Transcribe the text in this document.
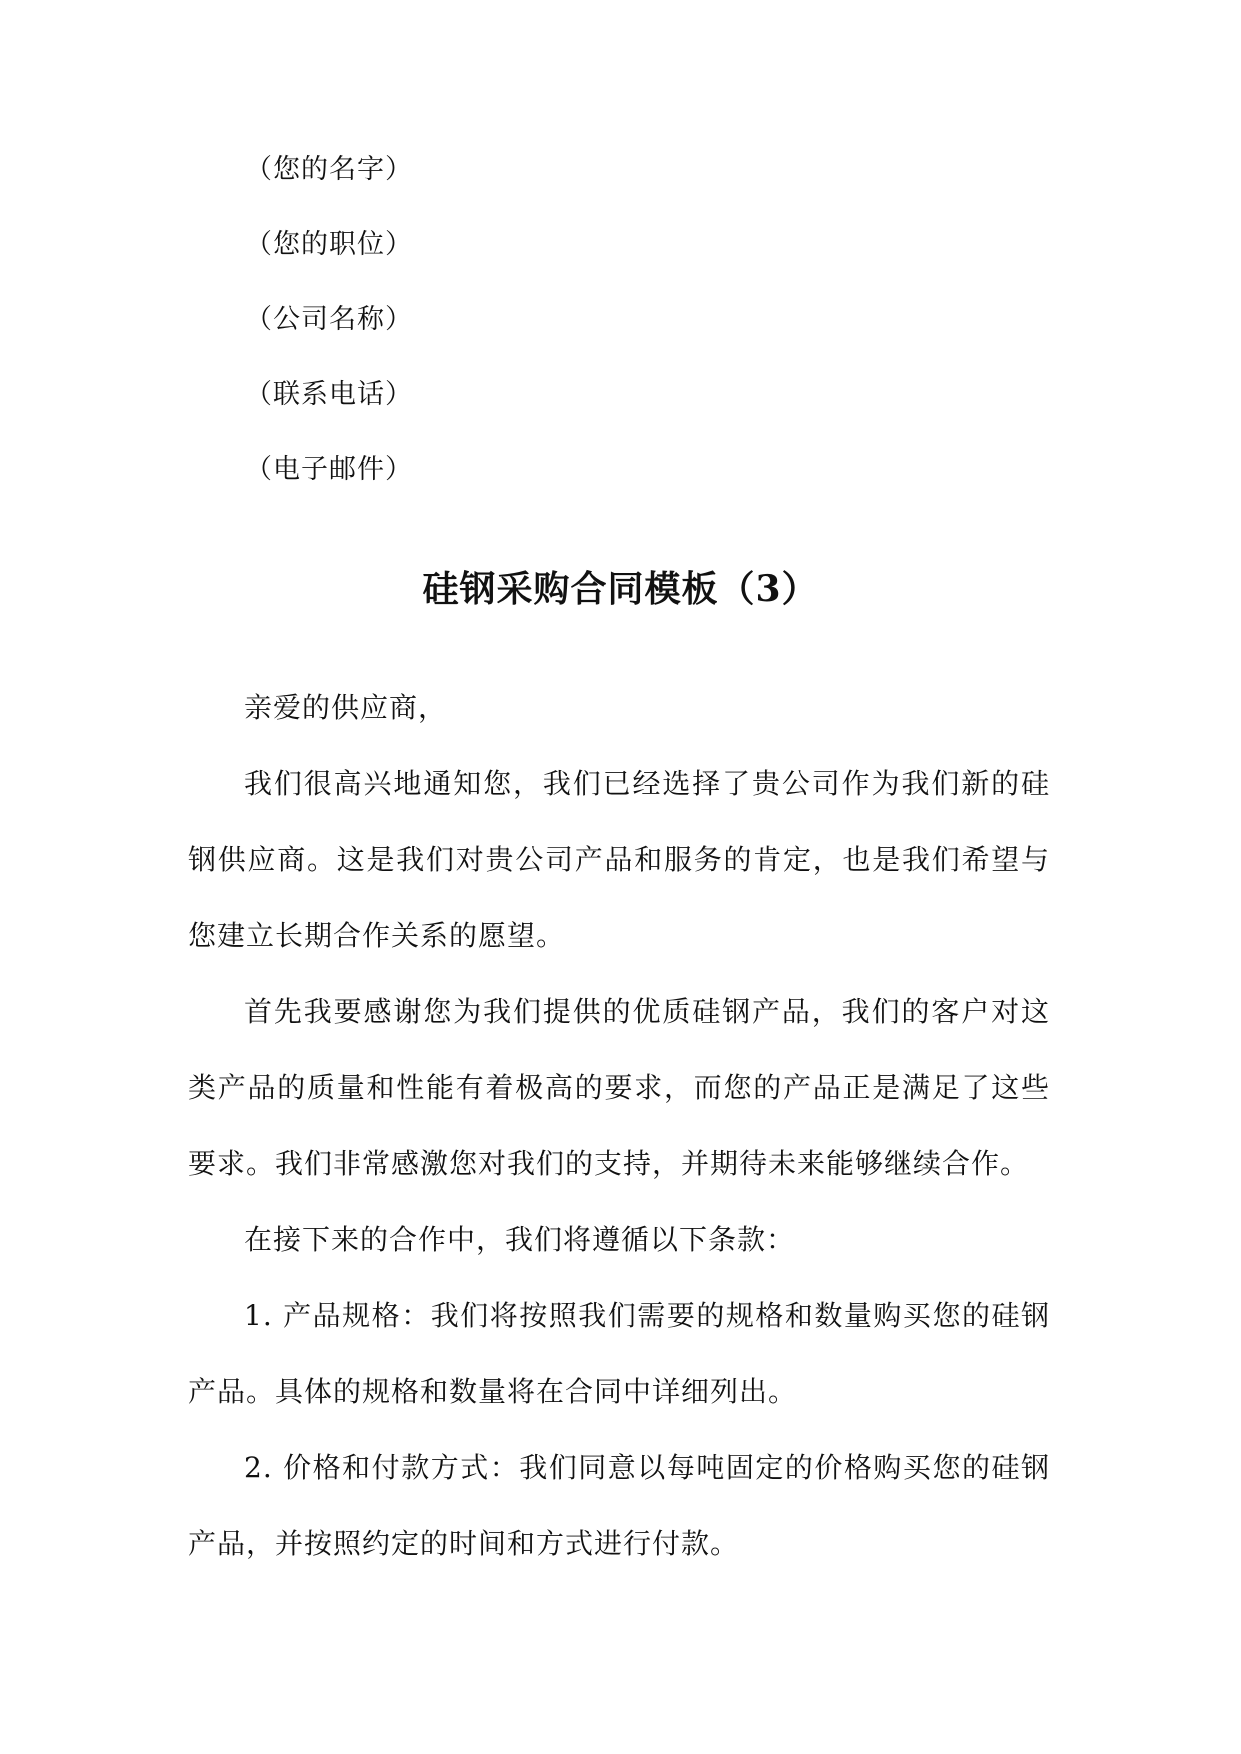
（您的名字）
（您的职位）
（公司名称）
（联系电话）
（电子邮件）
硅钢采购合同模板（3）

亲爱的供应商，

我们很高兴地通知您，我们已经选择了贵公司作为我们新的硅钢供应商。这是我们对贵公司产品和服务的肯定，也是我们希望与您建立长期合作关系的愿望。

首先我要感谢您为我们提供的优质硅钢产品，我们的客户对这类产品的质量和性能有着极高的要求，而您的产品正是满足了这些要求。我们非常感激您对我们的支持，并期待未来能够继续合作。

在接下来的合作中，我们将遵循以下条款：

1. 产品规格：我们将按照我们需要的规格和数量购买您的硅钢产品。具体的规格和数量将在合同中详细列出。

2. 价格和付款方式：我们同意以每吨固定的价格购买您的硅钢产品，并按照约定的时间和方式进行付款。
